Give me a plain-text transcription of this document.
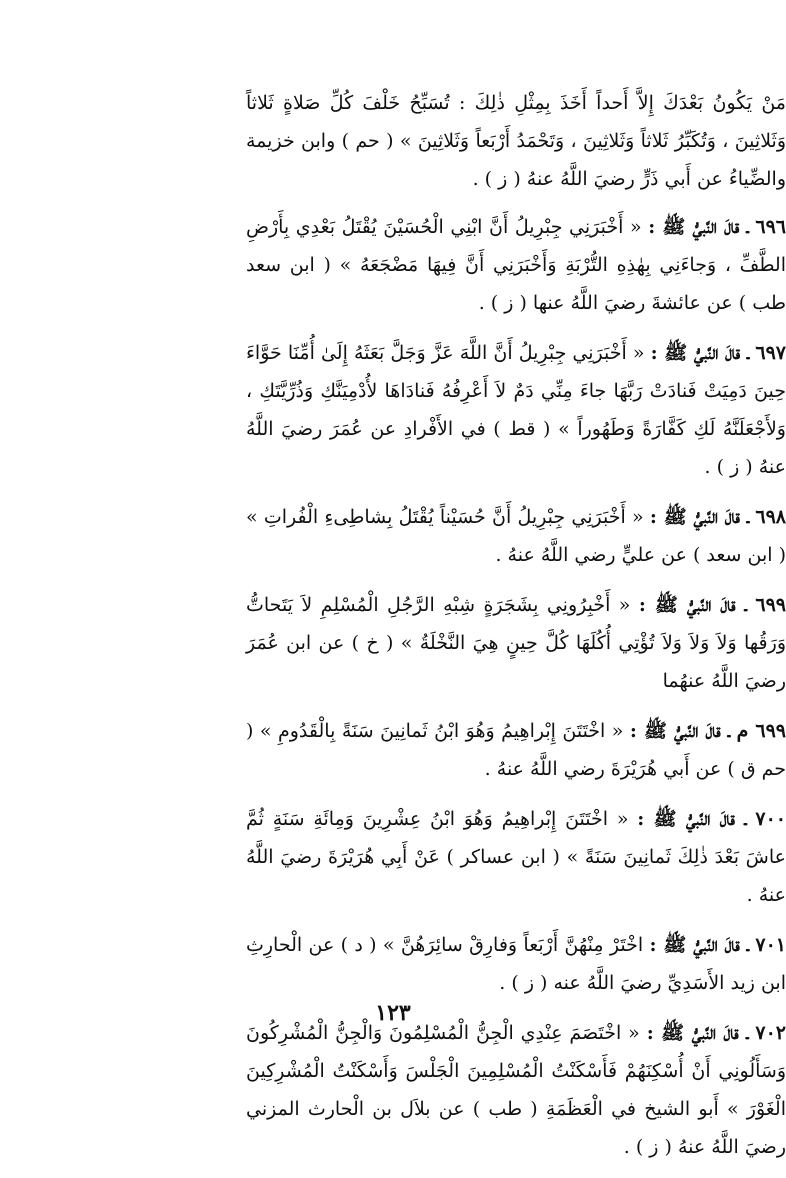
مَنْ يَكُونُ بَعْدَكَ إِلاَّ أَحداً أَخَذَ بِمِثْلِ ذٰلِكَ : تُسَبِّحُ خَلْفَ كُلِّ صَلاةٍ ثَلاثاً وَثَلاثِينَ ، وَتُكَبِّرُ ثَلاثاً وَثَلاثِينَ ، وَتَحْمَدُ أَرْبَعاً وَثَلاثِينَ » ( حم ) وابن خزيمة والضِّياءُ عن أَبي ذَرٍّ رضيَ اللَّهُ عنهُ ( ز ) .

٦٩٦ ـ قالَ النَّبيُّ ﷺ : « أَخْبَرَنِي جِبْرِيلُ أَنَّ ابْنِي الْحُسَيْنَ يُقْتَلُ بَعْدِي بِأَرْضِ الطَّفِّ ، وَجاءَنِي بِهٰذِهِ التُّرْبَةِ وَأَخْبَرَنِي أَنَّ فِيهَا مَضْجَعَهُ » ( ابن سعد طب ) عن عائشةَ رضيَ اللَّهُ عنها ( ز ) .

٦٩٧ ـ قالَ النَّبيُّ ﷺ : « أَخْبَرَنِي جِبْرِيلُ أَنَّ اللَّهَ عَزَّ وَجَلَّ بَعَثَهُ إِلَىٰ أُمِّنَا حَوَّاءَ حِينَ دَمِيَتْ فَنادَتْ رَبَّهَا جاءَ مِنِّي دَمٌ لاَ أَعْرِفُهُ فَنادَاهَا لأُدْمِيَنَّكِ وَذُرِّيَّتَكِ ، وَلأَجْعَلَنَّهُ لَكِ كَفَّارَةً وَطَهُوراً » ( قط ) في الأَفْرادِ عن عُمَرَ رضيَ اللَّهُ عنهُ ( ز ) .

٦٩٨ ـ قالَ النَّبيُّ ﷺ : « أَخْبَرَنِي جِبْرِيلُ أَنَّ حُسَيْناً يُقْتَلُ بِشاطِىءِ الْفُراتِ » ( ابن سعد ) عن عليٍّ رضي اللَّهُ عنهُ .

٦٩٩ ـ قالَ النَّبيُّ ﷺ : « أَخْبِرُونِي بِشَجَرَةٍ شِبْهِ الرَّجُلِ الْمُسْلِمِ لاَ يَتَحاتُّ وَرَقُها وَلاَ وَلاَ وَلاَ تُؤْتِي أُكُلَهَا كُلَّ حِينٍ هِيَ النَّخْلَةُ » ( خ ) عن ابن عُمَرَ رضيَ اللَّهُ عنهُما

٦٩٩ م ـ قالَ النَّبيُّ ﷺ : « اخْتَتَنَ إِبْراهِيمُ وَهُوَ ابْنُ ثَمانِينَ سَنَةً بِالْقَدُومِ » ( حم ق ) عن أَبي هُرَيْرَةَ رضي اللَّهُ عنهُ .

٧٠٠ ـ قالَ النَّبيُّ ﷺ : « اخْتَتَنَ إِبْراهِيمُ وَهُوَ ابْنُ عِشْرِينَ وَمِائَةِ سَنَةٍ ثُمَّ عاشَ بَعْدَ ذٰلِكَ ثَمانِينَ سَنَةً » ( ابن عساكر ) عَنْ أَبِي هُرَيْرَةَ رضيَ اللَّهُ عنهُ .

٧٠١ ـ قالَ النَّبيُّ ﷺ : اخْتَرْ مِنْهُنَّ أَرْبَعاً وَفارِقْ سائِرَهُنَّ » ( د ) عن الْحارِثِ ابن زيد الأَسَدِيِّ رضيَ اللَّهُ عنه ( ز ) .

٧٠٢ ـ قالَ النَّبيُّ ﷺ : « اخْتَصَمَ عِنْدِي الْجِنُّ الْمُسْلِمُونَ وَالْجِنُّ الْمُشْرِكُونَ وَسَأَلُونِي أَنْ أُسْكِنَهُمْ فَأَسْكَنْتُ الْمُسْلِمِينَ الْجَلْسَ وَأَسْكَنْتُ الْمُشْرِكِينَ الْغَوْرَ » أَبو الشيخ في الْعَظَمَةِ ( طب ) عن بلاَل بن الْحارث المزني رضيَ اللَّهُ عنهُ ( ز ) .

١٢٣
